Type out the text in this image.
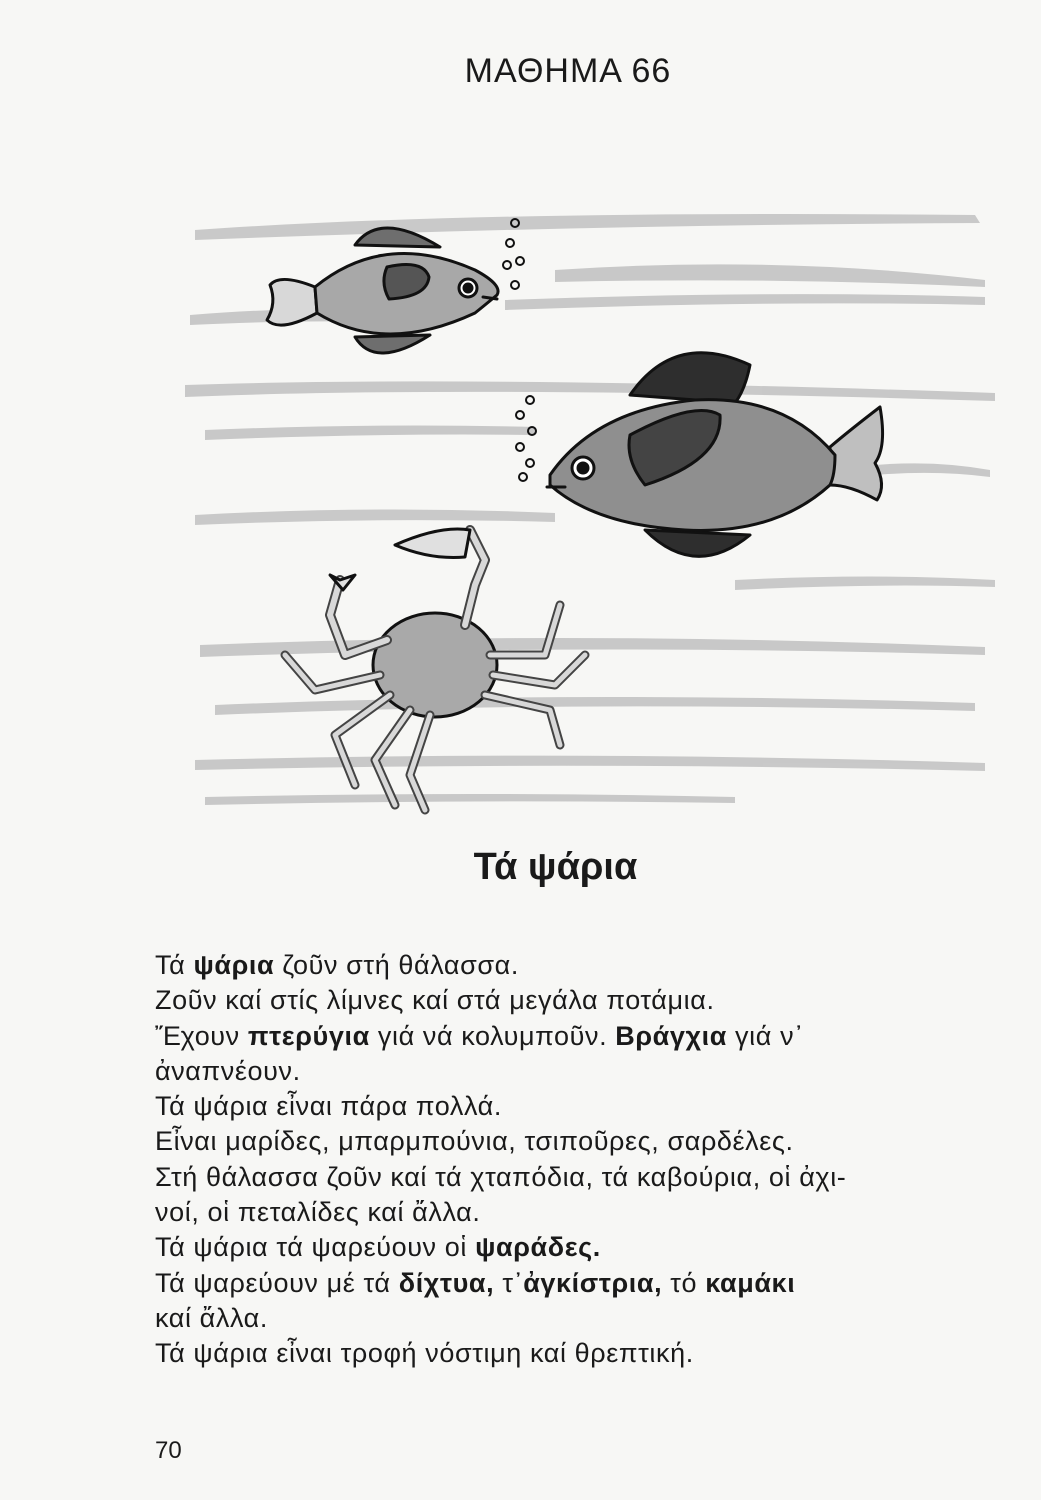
ΜΑΘΗΜΑ 66
Τά ψάρια

Τά ψάρια ζοῦν στή θάλασσα.

Ζοῦν καί στίς λίμνες καί στά μεγάλα ποτάμια.

Ἔχουν πτερύγια γιά νά κολυμποῦν. Βράγχια γιά ν᾽

ἀναπνέουν.

Τά ψάρια εἶναι πάρα πολλά.

Εἶναι μαρίδες, μπαρμπούνια, τσιποῦρες, σαρδέλες.

Στή θάλασσα ζοῦν καί τά χταπόδια, τά καβούρια, οἱ ἀχι-

νοί, οἱ πεταλίδες καί ἄλλα.

Τά ψάρια τά ψαρεύουν οἱ ψαράδες.

Τά ψαρεύουν μέ τά δίχτυα, τ᾽ἀγκίστρια, τό καμάκι

καί ἄλλα.

Τά ψάρια εἶναι τροφή νόστιμη καί θρεπτική.

70
